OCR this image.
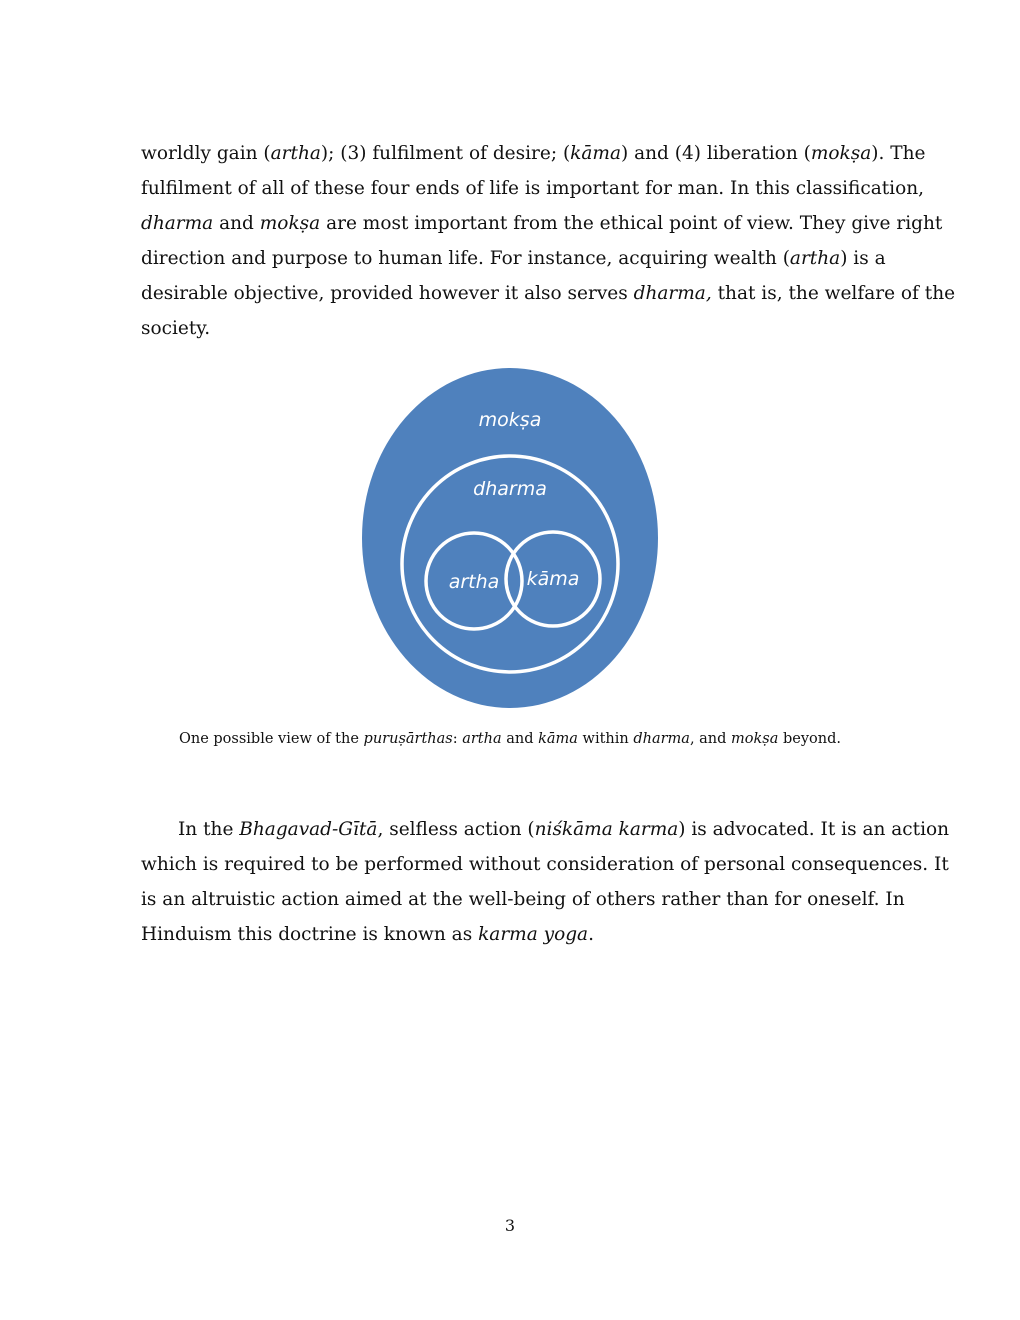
worldly gain (artha); (3) fulfilment of desire; (kāma) and (4) liberation (mokṣa). The
fulfilment of all of these four ends of life is important for man. In this classification,
dharma and mokṣa are most important from the ethical point of view. They give right
direction and purpose to human life. For instance, acquiring wealth (artha) is a
desirable objective, provided however it also serves dharma, that is, the welfare of the
society.
mokṣa
dharma
artha kāma
One possible view of the puruṣārthas: artha and kāma within dharma, and mokṣa beyond.
  In the Bhagavad-Gītā, selfless action (niśkāma karma) is advocated. It is an action
which is required to be performed without consideration of personal consequences. It
is an altruistic action aimed at the well-being of others rather than for oneself. In
Hinduism this doctrine is known as karma yoga.
3
